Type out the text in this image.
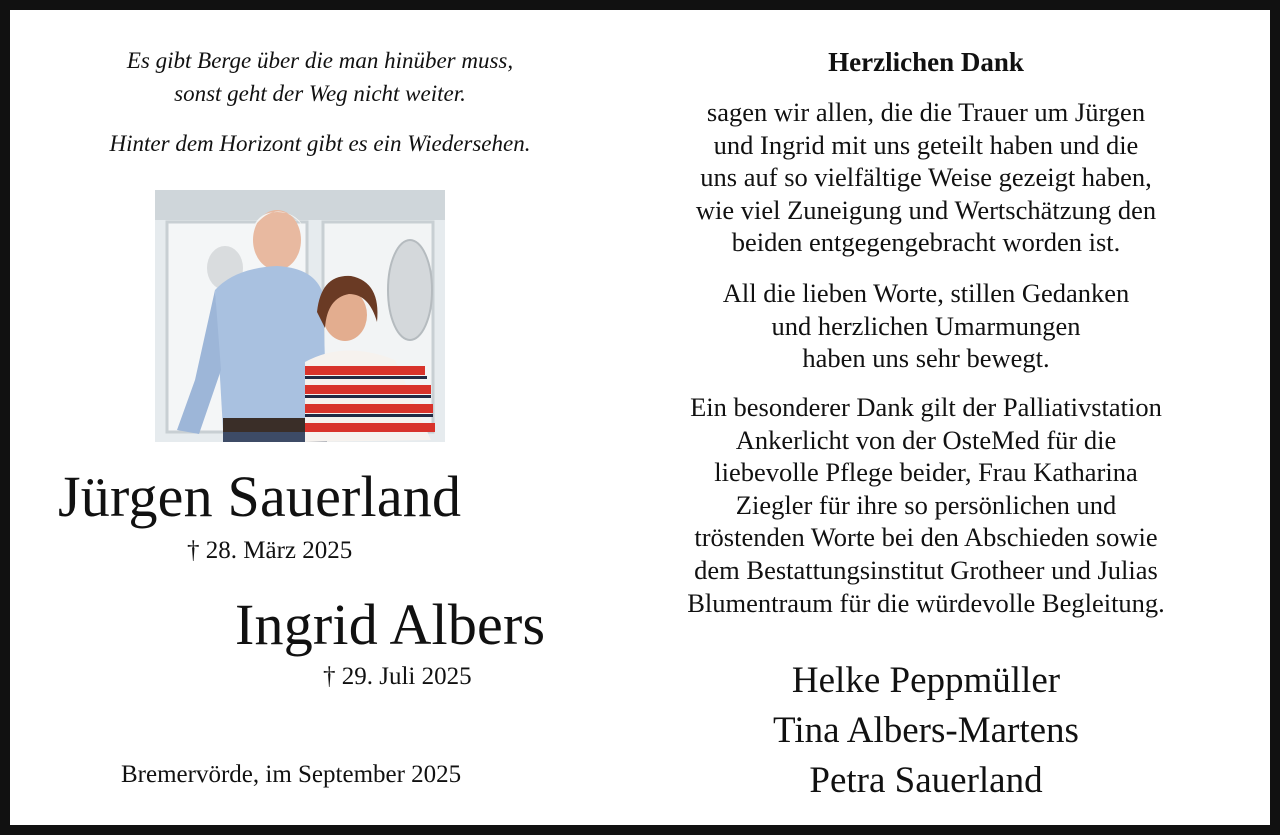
Es gibt Berge über die man hinüber muss,
sonst geht der Weg nicht weiter.
Hinter dem Horizont gibt es ein Wiedersehen.
Jürgen Sauerland
† 28. März 2025
Ingrid Albers
† 29. Juli 2025
Bremervörde, im September 2025
Herzlichen Dank
sagen wir allen, die die Trauer um Jürgen
und Ingrid mit uns geteilt haben und die
uns auf so vielfältige Weise gezeigt haben,
wie viel Zuneigung und Wertschätzung den
beiden entgegengebracht worden ist.
All die lieben Worte, stillen Gedanken
und herzlichen Umarmungen
haben uns sehr bewegt.
Ein besonderer Dank gilt der Palliativstation
Ankerlicht von der OsteMed für die
liebevolle Pflege beider, Frau Katharina
Ziegler für ihre so persönlichen und
tröstenden Worte bei den Abschieden sowie
dem Bestattungsinstitut Grotheer und Julias
Blumentraum für die würdevolle Begleitung.
Helke Peppmüller
Tina Albers-Martens
Petra Sauerland
